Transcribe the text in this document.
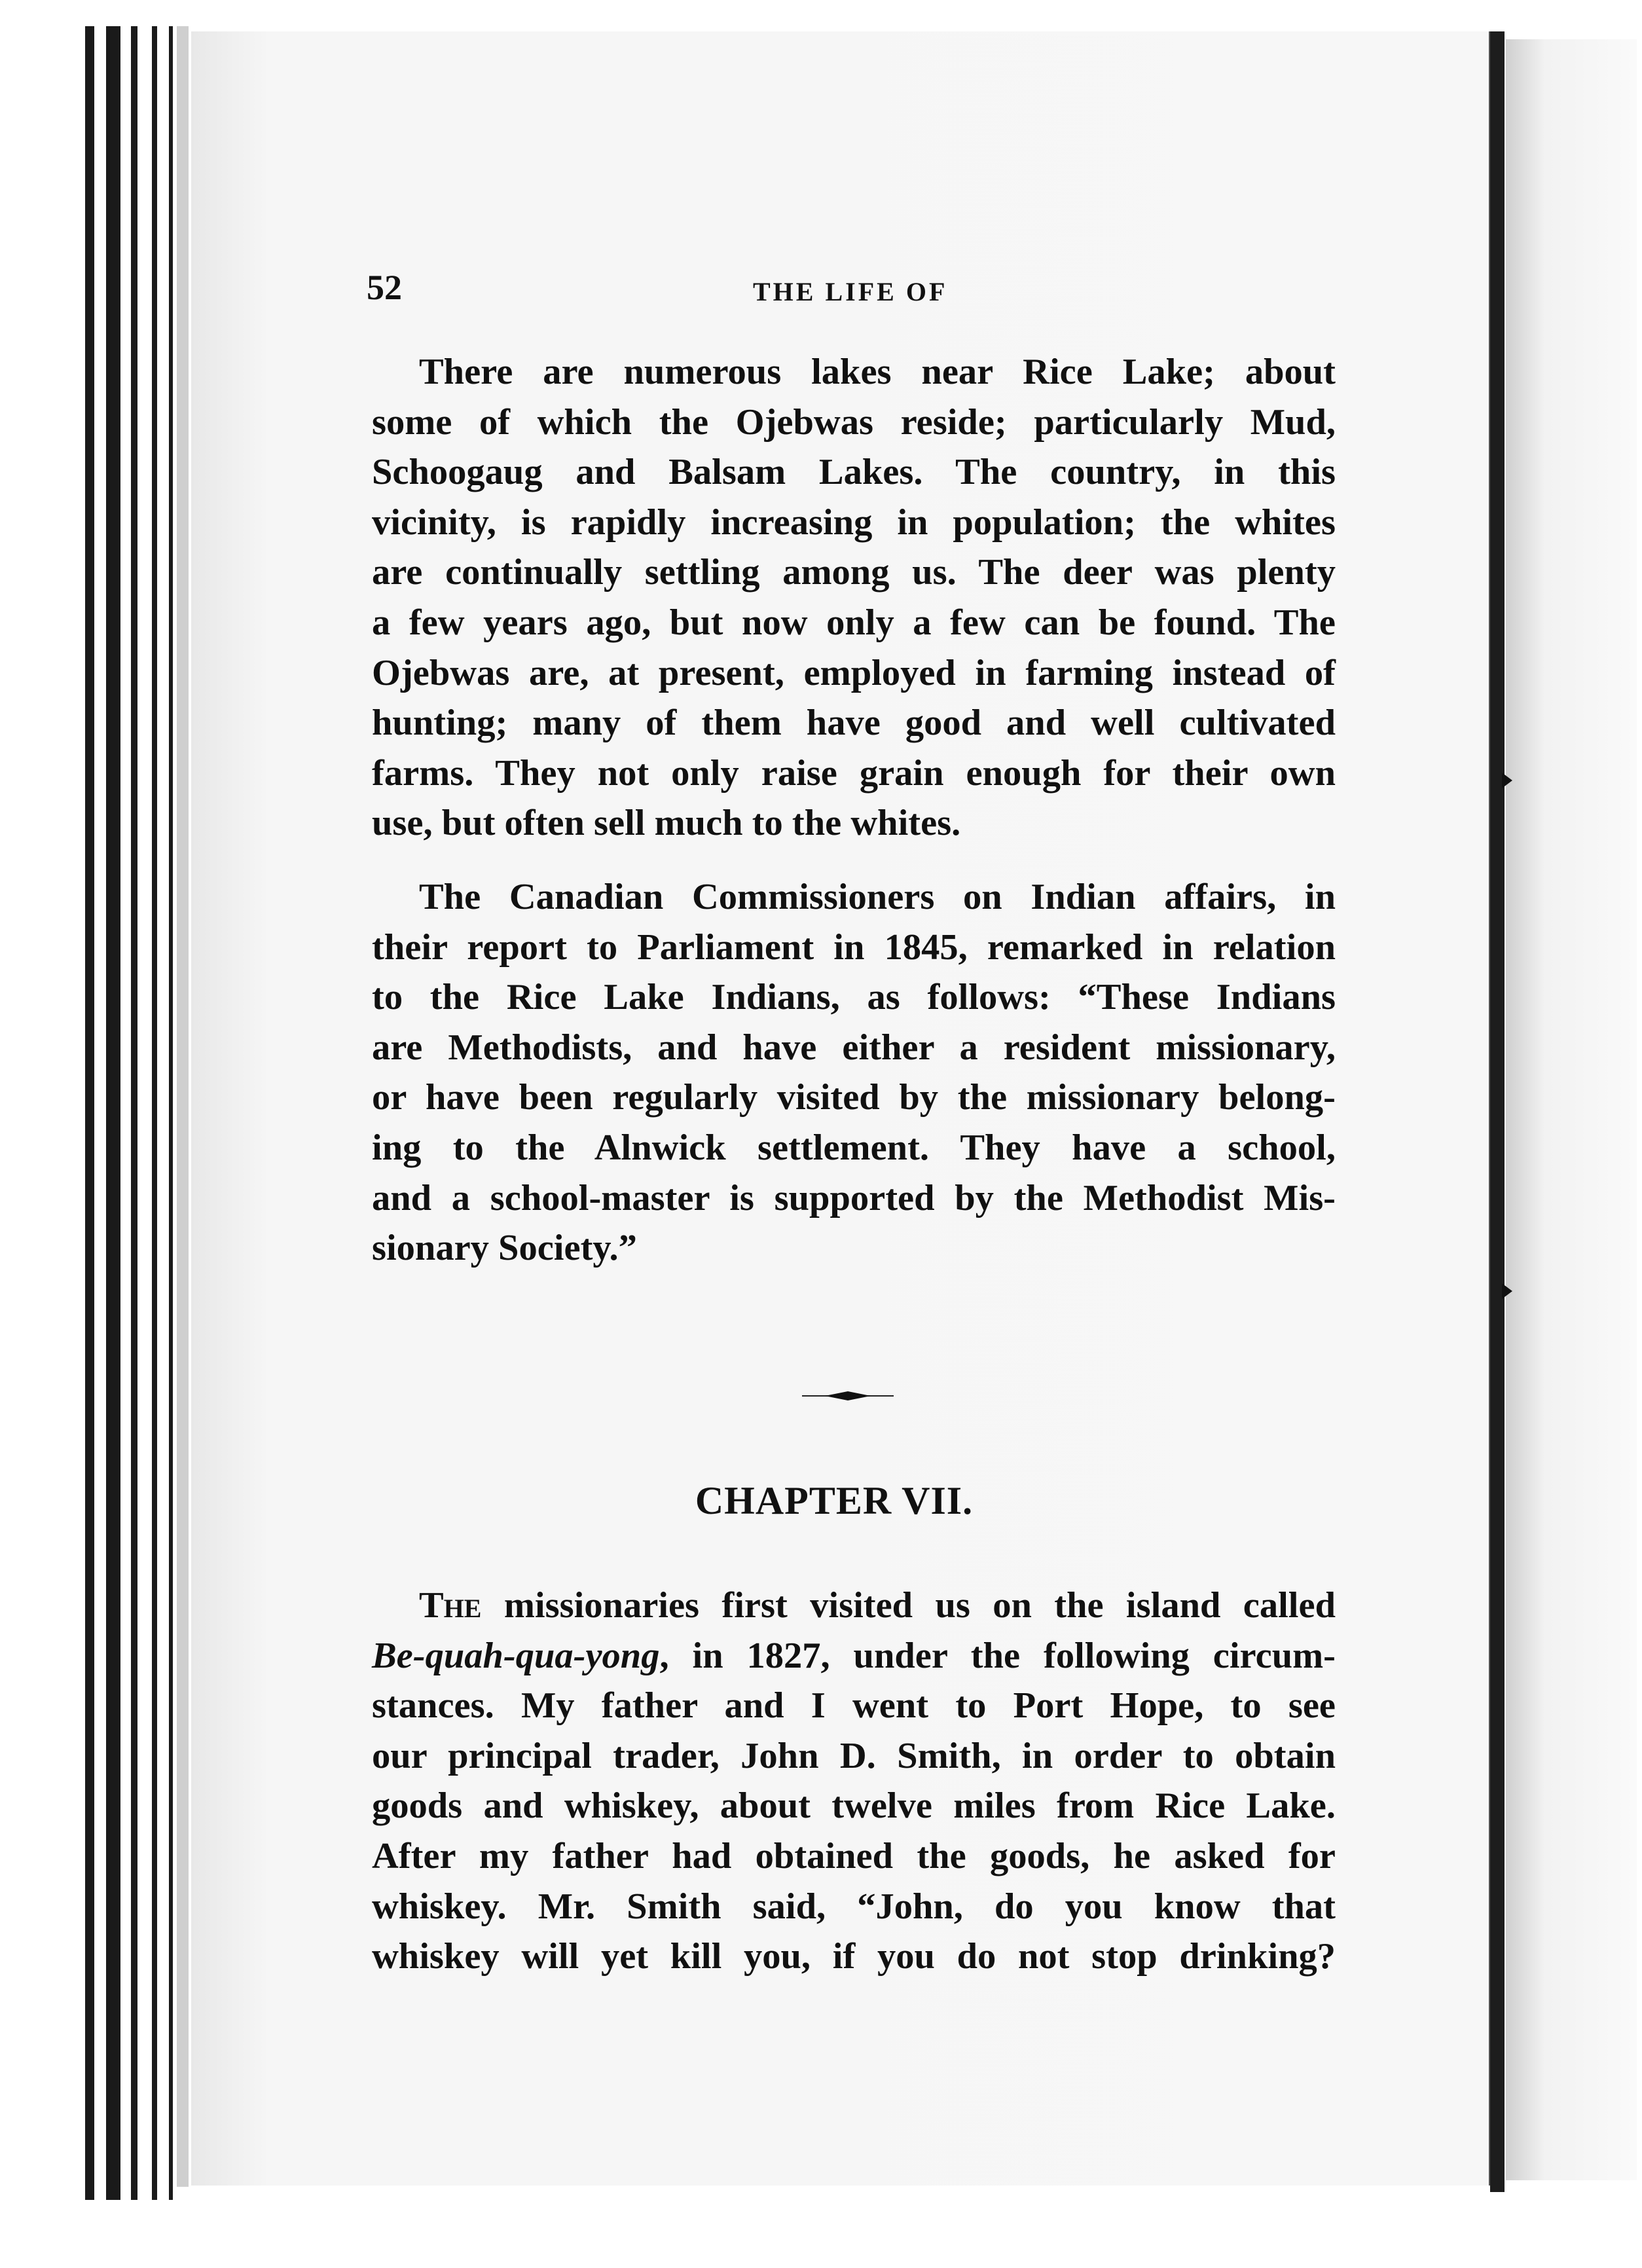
52	THE LIFE OF
There are numerous lakes near Rice Lake; about
some of which the Ojebwas reside; particularly Mud,
Schoogaug and Balsam Lakes. The country, in this
vicinity, is rapidly increasing in population; the whites
are continually settling among us. The deer was plenty
a few years ago, but now only a few can be found. The
Ojebwas are, at present, employed in farming instead of
hunting; many of them have good and well cultivated
farms. They not only raise grain enough for their own
use, but often sell much to the whites.
The Canadian Commissioners on Indian affairs, in
their report to Parliament in 1845, remarked in relation
to the Rice Lake Indians, as follows: “These Indians
are Methodists, and have either a resident missionary,
or have been regularly visited by the missionary belong-
ing to the Alnwick settlement. They have a school,
and a school-master is supported by the Methodist Mis-
sionary Society.”
CHAPTER VII.
The missionaries first visited us on the island called
Be-quah-qua-yong, in 1827, under the following circum-
stances. My father and I went to Port Hope, to see
our principal trader, John D. Smith, in order to obtain
goods and whiskey, about twelve miles from Rice Lake.
After my father had obtained the goods, he asked for
whiskey. Mr. Smith said, “John, do you know that
whiskey will yet kill you, if you do not stop drinking?
